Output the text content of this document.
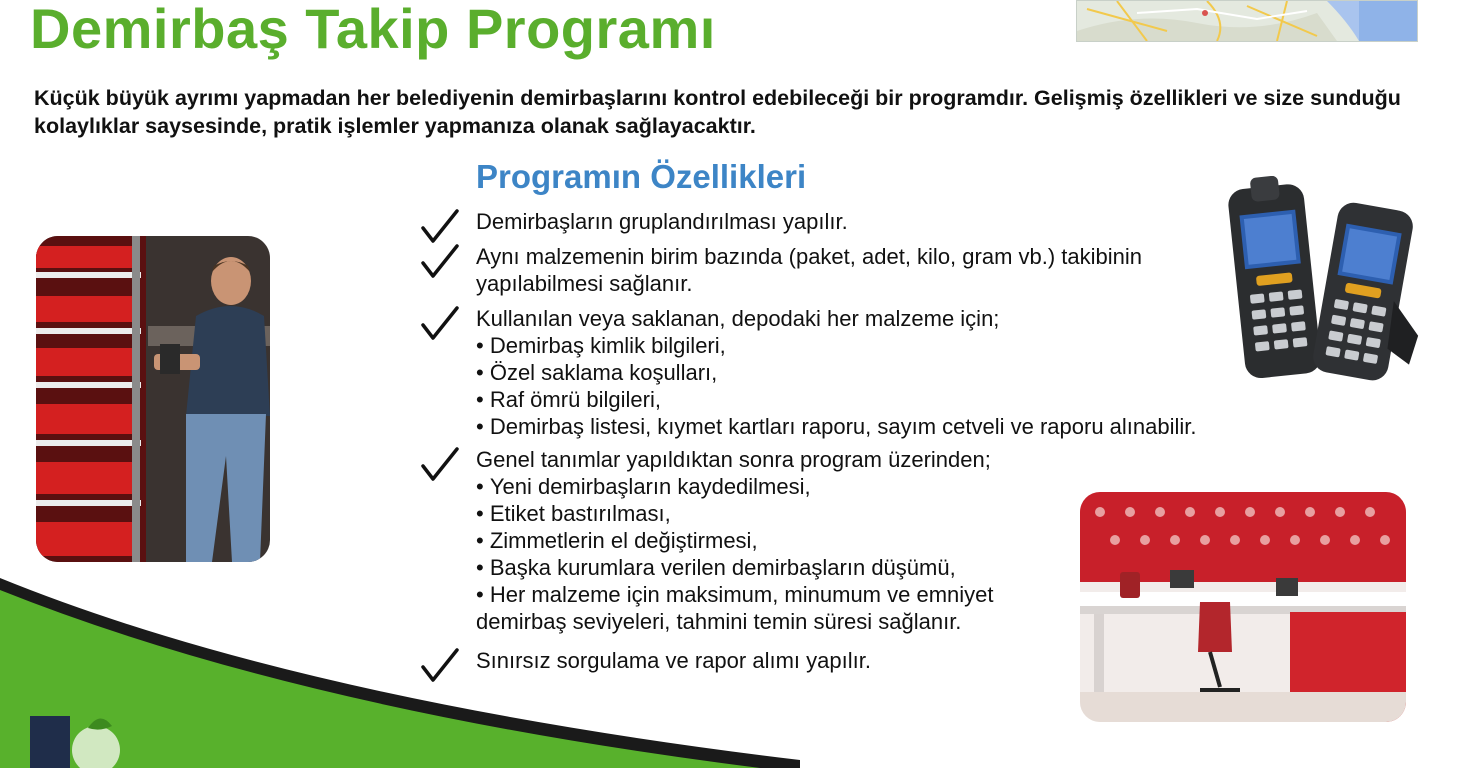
Demirbaş Takip Programı

Küçük büyük ayrımı yapmadan her belediyenin demirbaşlarını kontrol edebileceği bir programdır. Gelişmiş özellikleri ve size sunduğu kolaylıklar saysesinde, pratik işlemler yapmanıza olanak sağlayacaktır.

Programın Özellikleri
Demirbaşların gruplandırılması yapılır.
Aynı malzemenin birim bazında (paket, adet, kilo, gram vb.) takibinin yapılabilmesi sağlanır.
Kullanılan veya saklanan, depodaki her malzeme için;
• Demirbaş kimlik bilgileri,
• Özel saklama koşulları,
• Raf ömrü bilgileri,
• Demirbaş listesi, kıymet kartları raporu, sayım cetveli ve raporu alınabilir.
Genel tanımlar yapıldıktan sonra program üzerinden;
• Yeni demirbaşların kaydedilmesi,
• Etiket bastırılması,
• Zimmetlerin el değiştirmesi,
• Başka kurumlara verilen demirbaşların düşümü,
• Her malzeme için maksimum, minumum ve emniyet demirbaş seviyeleri, tahmini temin süresi sağlanır.
Sınırsız sorgulama ve rapor alımı yapılır.
